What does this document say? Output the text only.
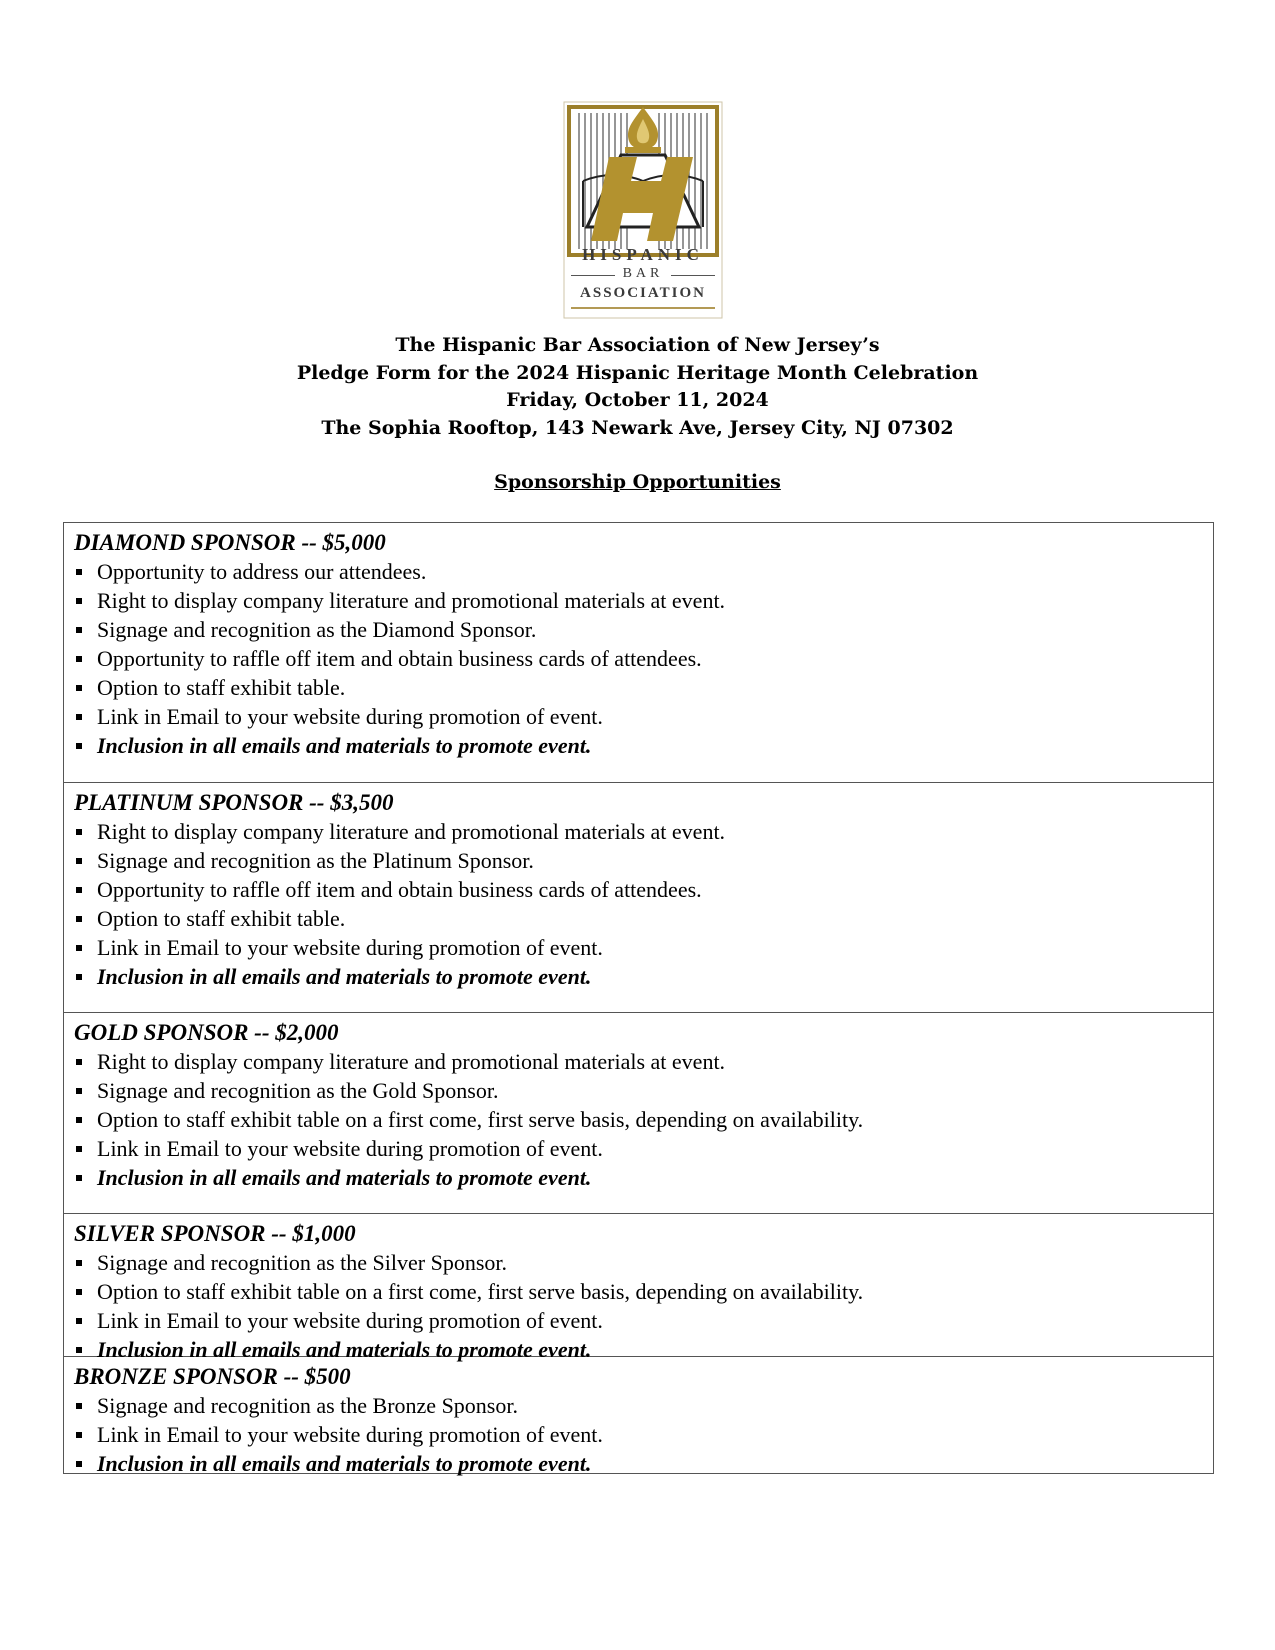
HISPANIC
BAR
ASSOCIATION
The Hispanic Bar Association of New Jersey’s
Pledge Form for the 2024 Hispanic Heritage Month Celebration
Friday, October 11, 2024
The Sophia Rooftop, 143 Newark Ave, Jersey City, NJ 07302
Sponsorship Opportunities
DIAMOND SPONSOR -- $5,000
Opportunity to address our attendees.
Right to display company literature and promotional materials at event.
Signage and recognition as the Diamond Sponsor.
Opportunity to raffle off item and obtain business cards of attendees.
Option to staff exhibit table.
Link in Email to your website during promotion of event.
Inclusion in all emails and materials to promote event.
PLATINUM SPONSOR -- $3,500
Right to display company literature and promotional materials at event.
Signage and recognition as the Platinum Sponsor.
Opportunity to raffle off item and obtain business cards of attendees.
Option to staff exhibit table.
Link in Email to your website during promotion of event.
Inclusion in all emails and materials to promote event.
GOLD SPONSOR -- $2,000
Right to display company literature and promotional materials at event.
Signage and recognition as the Gold Sponsor.
Option to staff exhibit table on a first come, first serve basis, depending on availability.
Link in Email to your website during promotion of event.
Inclusion in all emails and materials to promote event.
SILVER SPONSOR -- $1,000
Signage and recognition as the Silver Sponsor.
Option to staff exhibit table on a first come, first serve basis, depending on availability.
Link in Email to your website during promotion of event.
Inclusion in all emails and materials to promote event.
BRONZE SPONSOR -- $500
Signage and recognition as the Bronze Sponsor.
Link in Email to your website during promotion of event.
Inclusion in all emails and materials to promote event.
